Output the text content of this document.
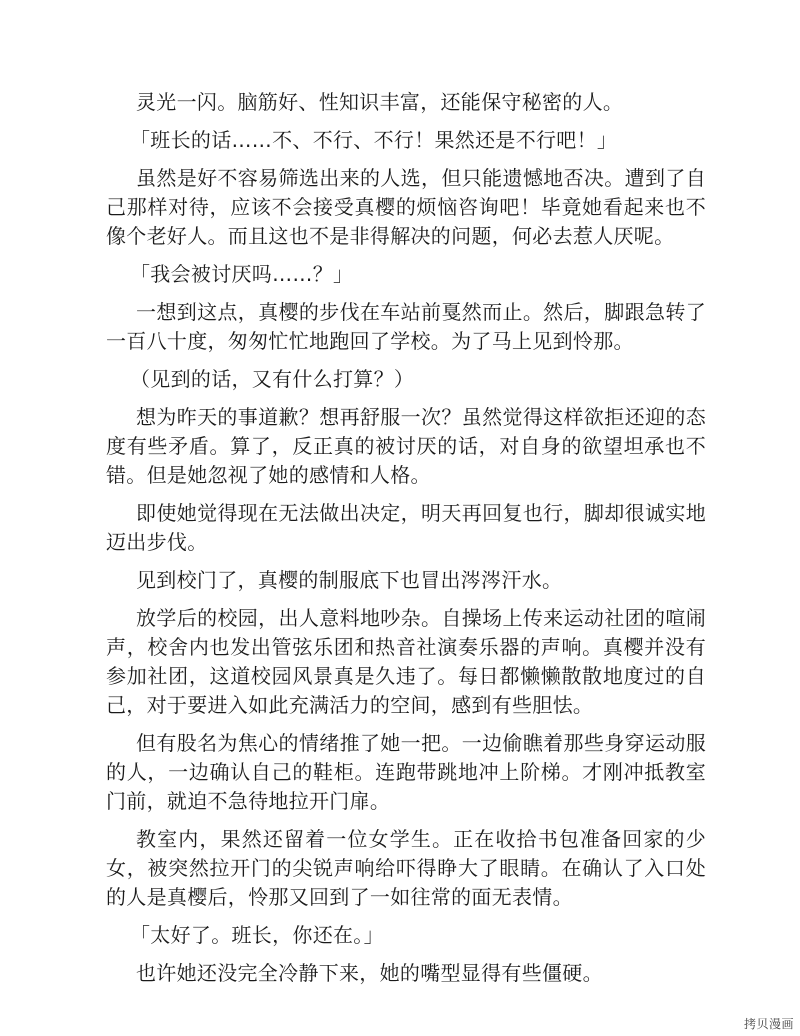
灵光一闪。脑筋好、性知识丰富，还能保守秘密的人。

「班长的话……不、不行、不行！果然还是不行吧！」

虽然是好不容易筛选出来的人选，但只能遗憾地否决。遭到了自己那样对待，应该不会接受真樱的烦恼咨询吧！毕竟她看起来也不像个老好人。而且这也不是非得解决的问题，何必去惹人厌呢。

「我会被讨厌吗……？」

一想到这点，真樱的步伐在车站前戛然而止。然后，脚跟急转了一百八十度，匆匆忙忙地跑回了学校。为了马上见到怜那。

（见到的话，又有什么打算？）

想为昨天的事道歉？想再舒服一次？虽然觉得这样欲拒还迎的态度有些矛盾。算了，反正真的被讨厌的话，对自身的欲望坦承也不错。但是她忽视了她的感情和人格。

即使她觉得现在无法做出决定，明天再回复也行，脚却很诚实地迈出步伐。

见到校门了，真樱的制服底下也冒出涔涔汗水。

放学后的校园，出人意料地吵杂。自操场上传来运动社团的喧闹声，校舍内也发出管弦乐团和热音社演奏乐器的声响。真樱并没有参加社团，这道校园风景真是久违了。每日都懒懒散散地度过的自己，对于要进入如此充满活力的空间，感到有些胆怯。

但有股名为焦心的情绪推了她一把。一边偷瞧着那些身穿运动服的人，一边确认自己的鞋柜。连跑带跳地冲上阶梯。才刚冲抵教室门前，就迫不急待地拉开门扉。

教室内，果然还留着一位女学生。正在收拾书包准备回家的少女，被突然拉开门的尖锐声响给吓得睁大了眼睛。在确认了入口处的人是真樱后，怜那又回到了一如往常的面无表情。

「太好了。班长，你还在。」

也许她还没完全冷静下来，她的嘴型显得有些僵硬。

拷贝漫画
